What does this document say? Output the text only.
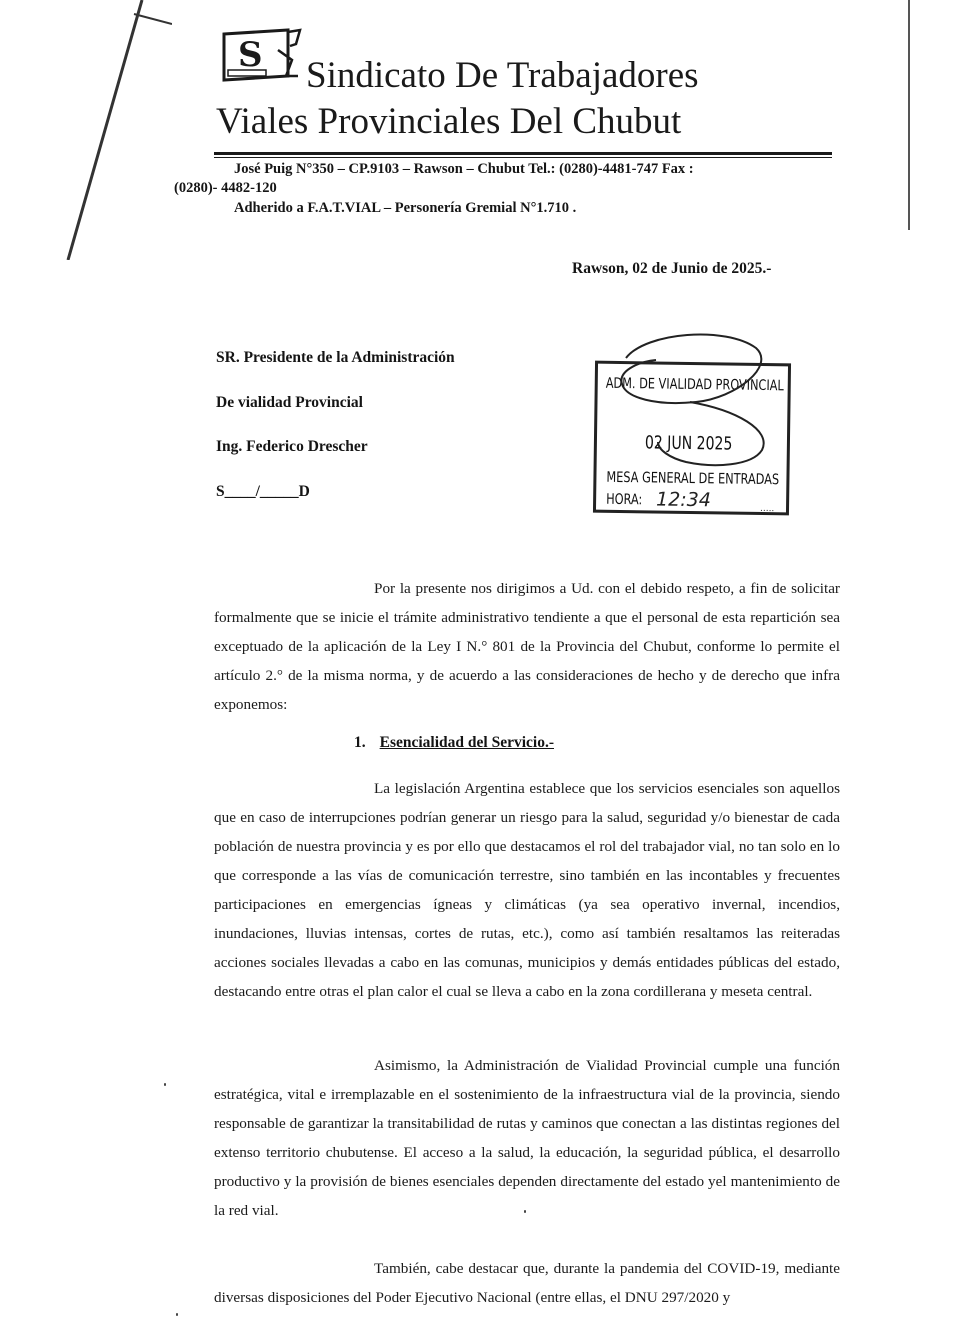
S Sindicato De Trabajadores
Viales Provinciales Del Chubut
José Puig N°350 – CP.9103 – Rawson – Chubut Tel.: (0280)-4481-747 Fax :
(0280)- 4482-120
Adherido a F.A.T.VIAL – Personería Gremial N°1.710 .
Rawson, 02 de Junio de 2025.-
SR. Presidente de la Administración
De vialidad Provincial
Ing. Federico Drescher
S____/_____D
ADM. DE VIALIDAD PROVINCIAL
02 JUN 2025
MESA GENERAL DE ENTRADAS
HORA: 12:34	.....
Por la presente nos dirigimos a Ud. con el debido respeto, a fin de solicitar formalmente que se inicie el trámite administrativo tendiente a que el personal de esta repartición sea exceptuado de la aplicación de la Ley I N.° 801 de la Provincia del Chubut, conforme lo permite el artículo 2.° de la misma norma, y de acuerdo a las consideraciones de hecho y de derecho que infra exponemos:
1. Esencialidad del Servicio.-
La legislación Argentina establece que los servicios esenciales son aquellos que en caso de interrupciones podrían generar un riesgo para la salud, seguridad y/o bienestar de cada población de nuestra provincia y es por ello que destacamos el rol del trabajador vial, no tan solo en lo que corresponde a las vías de comunicación terrestre, sino también en las incontables y frecuentes participaciones en emergencias ígneas y climáticas (ya sea operativo invernal, incendios, inundaciones, lluvias intensas, cortes de rutas, etc.), como así también resaltamos las reiteradas acciones sociales llevadas a cabo en las comunas, municipios y demás entidades públicas del estado, destacando entre otras el plan calor el cual se lleva a cabo en la zona cordillerana y meseta central.
Asimismo, la Administración de Vialidad Provincial cumple una función estratégica, vital e irremplazable en el sostenimiento de la infraestructura vial de la provincia, siendo responsable de garantizar la transitabilidad de rutas y caminos que conectan a las distintas regiones del extenso territorio chubutense. El acceso a la salud, la educación, la seguridad pública, el desarrollo productivo y la provisión de bienes esenciales dependen directamente del estado yel mantenimiento de la red vial.
También, cabe destacar que, durante la pandemia del COVID-19, mediante diversas disposiciones del Poder Ejecutivo Nacional (entre ellas, el DNU 297/2020 y
